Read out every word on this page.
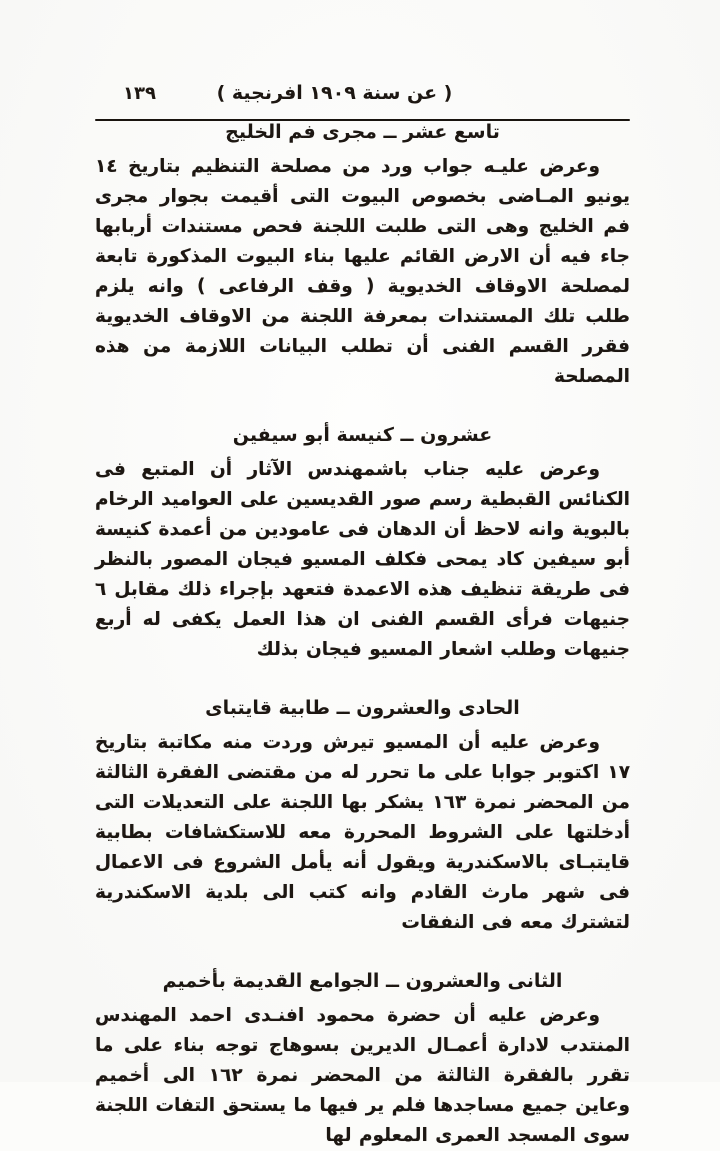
١٣٩	( عن سنة ١٩٠٩ افرنجية )
تاسع عشر ــ مجرى فم الخليج

وعرض عليـه جواب ورد من مصلحة التنظيم بتاريخ ١٤ يونيو المـاضى بخصوص البيوت التى أقيمت بجوار مجرى فم الخليج وهى التى طلبت اللجنة فحص مستندات أربابها جاء فيه أن الارض القائم عليها بناء البيوت المذكورة تابعة لمصلحة الاوقاف الخديوية ( وقف الرفاعى ) وانه يلزم طلب تلك المستندات بمعرفة اللجنة من الاوقاف الخديوية فقرر القسم الفنى أن تطلب البيانات اللازمة من هذه المصلحة

عشرون ــ كنيسة أبو سيفين

وعرض عليه جناب باشمهندس الآثار أن المتبع فى الكنائس القبطية رسم صور القديسين على العواميد الرخام بالبوية وانه لاحظ أن الدهان فى عامودين من أعمدة كنيسة أبو سيفين كاد يمحى فكلف المسيو فيجان المصور بالنظر فى طريقة تنظيف هذه الاعمدة فتعهد بإجراء ذلك مقابل ٦ جنيهات فرأى القسم الفنى ان هذا العمل يكفى له أربع جنيهات وطلب اشعار المسيو فيجان بذلك

الحادى والعشرون ــ طابية قايتباى

وعرض عليه أن المسيو تيرش وردت منه مكاتبة بتاريخ ١٧ اكتوبر جوابا على ما تحرر له من مقتضى الفقرة الثالثة من المحضر نمرة ١٦٣ يشكر بها اللجنة على التعديلات التى أدخلتها على الشروط المحررة معه للاستكشافات بطابية قايتبـاى بالاسكندرية ويقول أنه يأمل الشروع فى الاعمال فى شهر مارث القادم وانه كتب الى بلدية الاسكندرية لتشترك معه فى النفقات

الثانى والعشرون ــ الجوامع القديمة بأخميم

وعرض عليه أن حضرة محمود افنـدى احمد المهندس المنتدب لادارة أعمـال الديرين بسوهاج توجه بناء على ما تقرر بالفقرة الثالثة من المحضر نمرة ١٦٢ الى أخميم وعاين جميع مساجدها فلم ير فيها ما يستحق التفات اللجنة سوى المسجد العمرى المعلوم لها
